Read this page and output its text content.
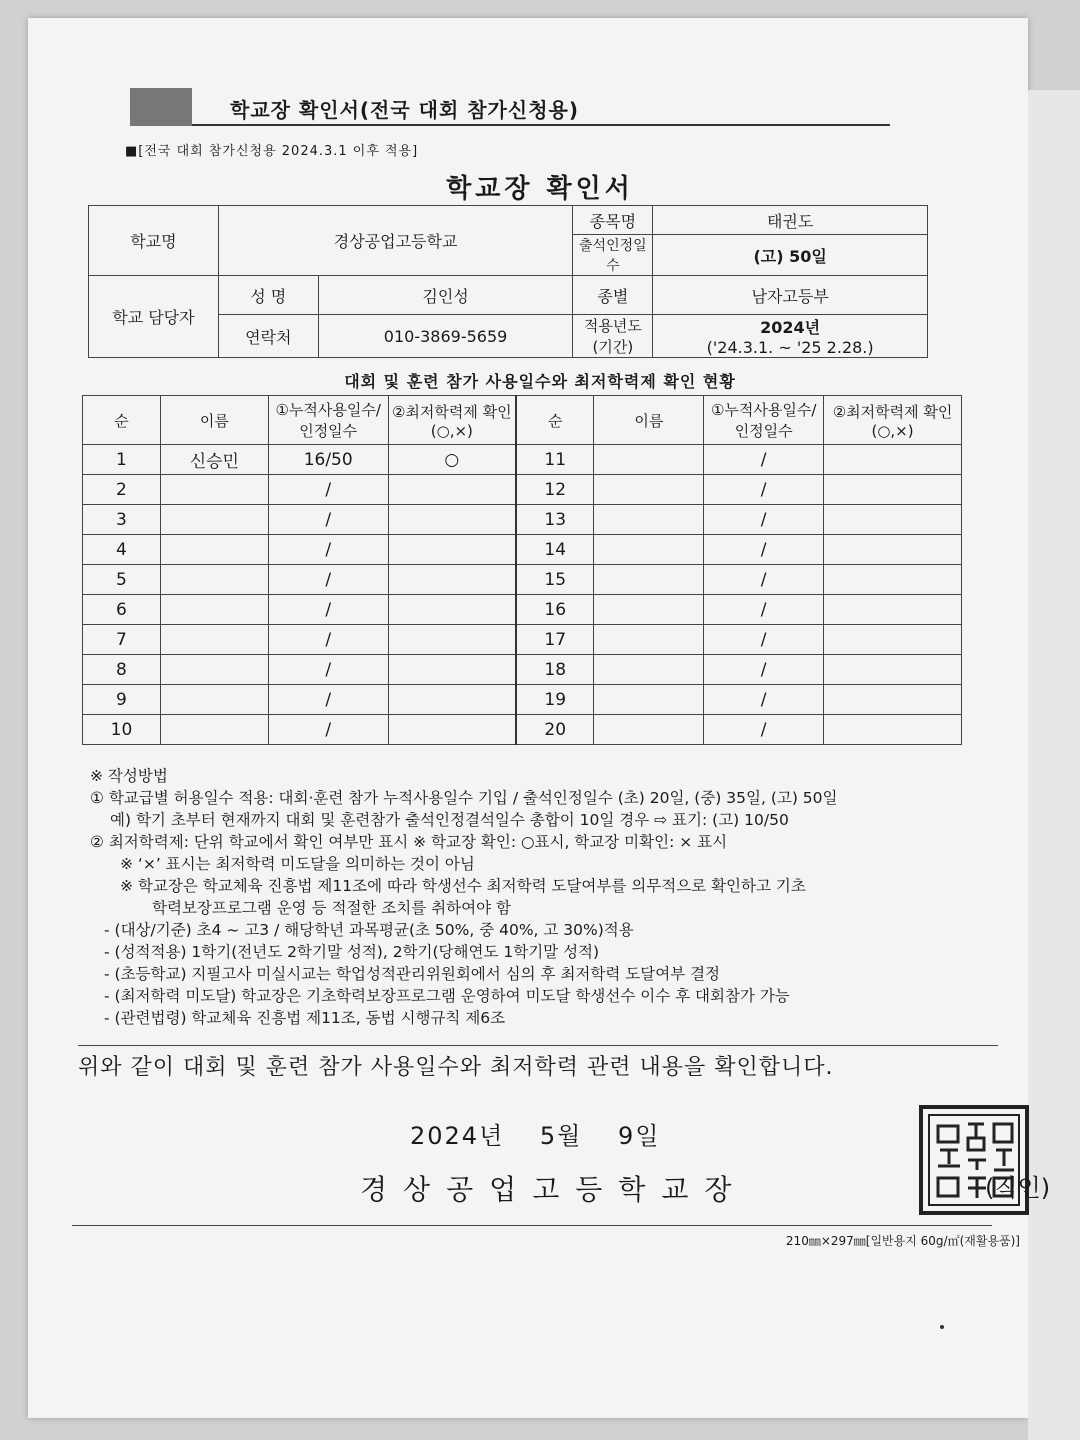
학교장 확인서(전국 대회 참가신청용)
■[전국 대회 참가신청용 2024.3.1 이후 적용]
학교장 확인서
학교명	경상공업고등학교		종목명	태권도
			출석인정일수	(고) 50일
학교 담당자	성 명	김인성	종별	남자고등부
	연락처	010-3869-5659	적용년도 (기간)	2024년
('24.3.1. ~ '25 2.28.)
대회 및 훈련 참가 사용일수와 최저학력제 확인 현황
순	이름	①누적사용일수/인정일수	②최저학력제 확인(○,×)	순	이름	①누적사용일수/인정일수	②최저학력제 확인(○,×)
1	신승민	16/50	○	11		/	
2		/		12		/	
3		/		13		/	
4		/		14		/	
5		/		15		/	
6		/		16		/	
7		/		17		/	
8		/		18		/	
9		/		19		/	
10		/		20		/	
※ 작성방법
① 학교급별 허용일수 적용: 대회·훈련 참가 누적사용일수 기입 / 출석인정일수 (초) 20일, (중) 35일, (고) 50일
예) 학기 초부터 현재까지 대회 및 훈련참가 출석인정결석일수 총합이 10일 경우 ⇨ 표기: (고) 10/50
② 최저학력제: 단위 학교에서 확인 여부만 표시 ※ 학교장 확인: ○표시, 학교장 미확인: × 표시
※ ‘×’ 표시는 최저학력 미도달을 의미하는 것이 아님
※ 학교장은 학교체육 진흥법 제11조에 따라 학생선수 최저학력 도달여부를 의무적으로 확인하고 기초
학력보장프로그램 운영 등 적절한 조치를 취하여야 함
- (대상/기준) 초4 ~ 고3 / 해당학년 과목평균(초 50%, 중 40%, 고 30%)적용
- (성적적용) 1학기(전년도 2학기말 성적), 2학기(당해연도 1학기말 성적)
- (초등학교) 지필고사 미실시교는 학업성적관리위원회에서 심의 후 최저학력 도달여부 결정
- (최저학력 미도달) 학교장은 기초학력보장프로그램 운영하여 미도달 학생선수 이수 후 대회참가 가능
- (관련법령) 학교체육 진흥법 제11조, 동법 시행규칙 제6조
위와 같이 대회 및 훈련 참가 사용일수와 최저학력 관련 내용을 확인합니다.
2024년 5월 9일
경상공업고등학교장	(직인)
210㎜×297㎜[일반용지 60g/㎡(재활용품)]
